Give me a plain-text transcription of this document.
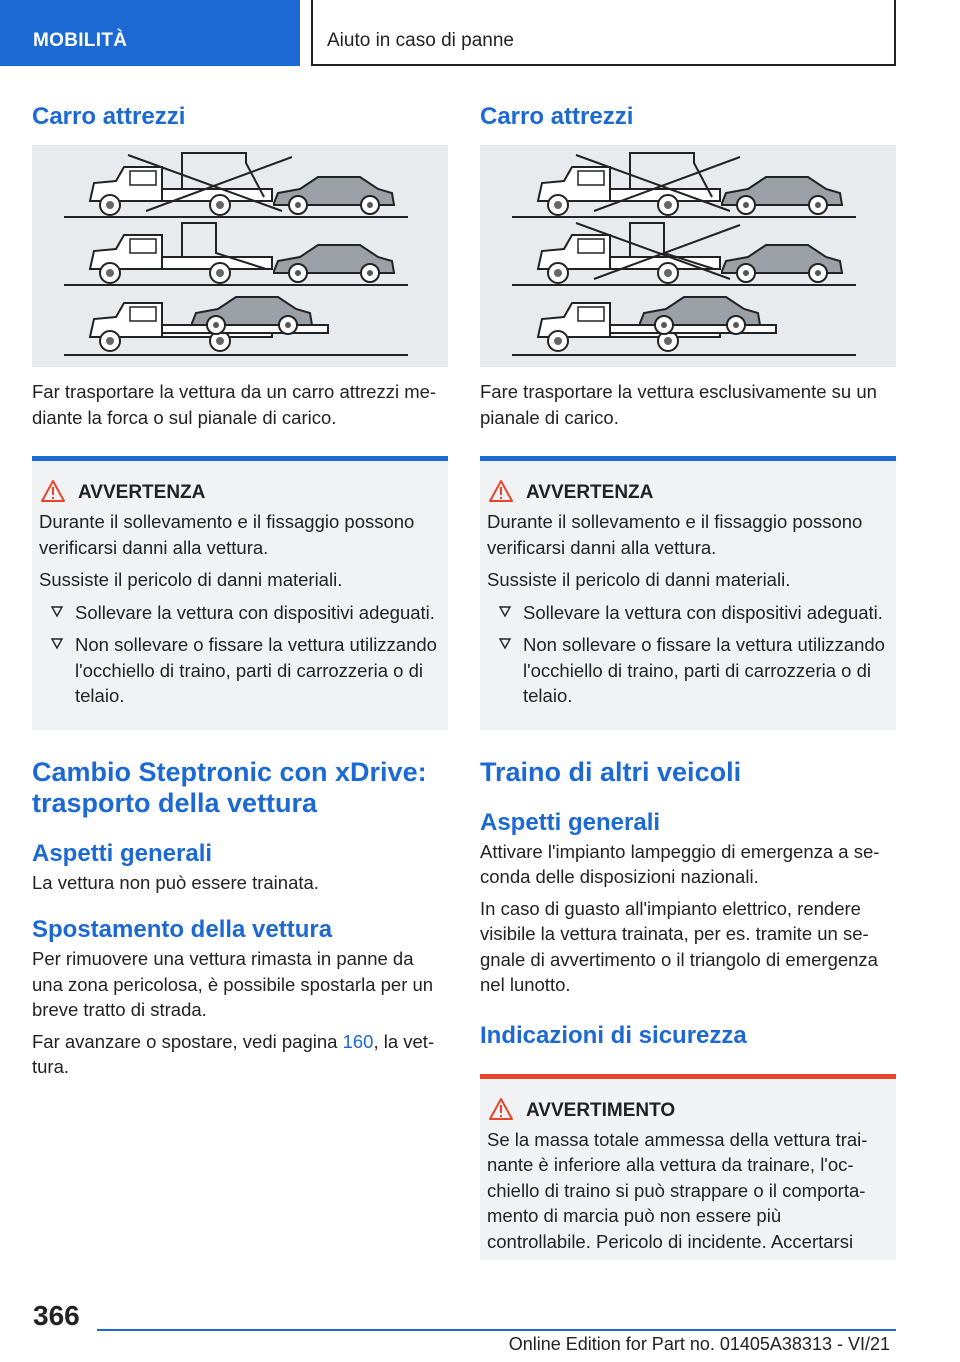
MOBILITÀ	Aiuto in caso di panne
Carro attrezzi

Far trasportare la vettura da un carro attrezzi mediante la forca o sul pianale di carico.

AVVERTENZA

Durante il sollevamento e il fissaggio possono verificarsi danni alla vettura.

Sussiste il pericolo di danni materiali.

Sollevare la vettura con dispositivi adeguati.
Non sollevare o fissare la vettura utilizzando l'occhiello di traino, parti di carrozzeria o di telaio.
Cambio Steptronic con xDrive: trasporto della vettura
Aspetti generali

La vettura non può essere trainata.

Spostamento della vettura

Per rimuovere una vettura rimasta in panne da una zona pericolosa, è possibile spostarla per un breve tratto di strada.

Far avanzare o spostare, vedi pagina 160, la vettura.

Carro attrezzi

Fare trasportare la vettura esclusivamente su un pianale di carico.

AVVERTENZA

Durante il sollevamento e il fissaggio possono verificarsi danni alla vettura.

Sussiste il pericolo di danni materiali.

Sollevare la vettura con dispositivi adeguati.
Non sollevare o fissare la vettura utilizzando l'occhiello di traino, parti di carrozzeria o di telaio.
Traino di altri veicoli
Aspetti generali

Attivare l'impianto lampeggio di emergenza a seconda delle disposizioni nazionali.

In caso di guasto all'impianto elettrico, rendere visibile la vettura trainata, per es. tramite un segnale di avvertimento o il triangolo di emergenza nel lunotto.

Indicazioni di sicurezza
AVVERTIMENTO

Se la massa totale ammessa della vettura trainante è inferiore alla vettura da trainare, l'occhiello di traino si può strappare o il comportamento di marcia può non essere più controllabile. Pericolo di incidente. Accertarsi

366
Online Edition for Part no. 01405A38313 - VI/21
